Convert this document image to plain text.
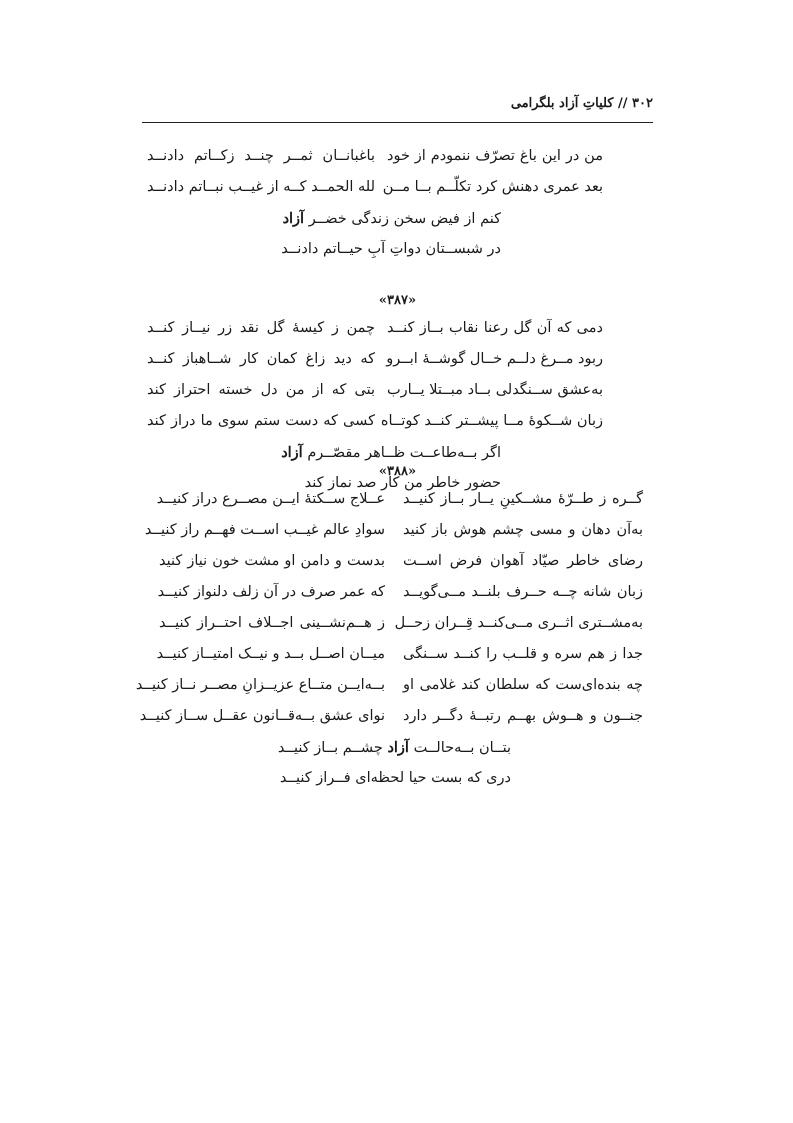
۳۰۲ // کلیاتِ آزاد بلگرامی
من در این باغ تصرّف ننمودم از خود
باغبانــان ثمــر چنــد زکــاتم دادنــد
بعد عمری دهنش کرد تکلّــم بــا مــن
لله الحمــد کــه از غیــب نبــاتم دادنــد
کنم از فیض سخن زندگی خضــر آزاد
در شبســتان دواتِ آبِ حیــاتم دادنــد
«۳۸۷»
دمی که آن گل رعنا نقاب بــاز کنــد
چمن ز کیسهٔ گل نقد زر نیــاز کنــد
ربود مــرغ دلــم خــال گوشــهٔ ابــرو
که دید زاغ کمان کار شــاهباز کنــد
به‌عشق ســنگدلی بــاد مبــتلا یــارب
بتی که از من دل خسته احتراز کند
زبان شــکوهٔ مــا پیشــتر کنــد کوتــاه
کسی که دست ستم سوی ما دراز کند
اگر بــه‌طاعــت ظــاهر مقصّــرم آزاد
حضور خاطر من کار صد نماز کند
«۳۸۸»
گــره ز طــرّهٔ مشــکینِ یــار بــاز کنیــد
عــلاج ســکتهٔ ایــن مصــرع دراز کنیــد
به‌آن دهان و مسی چشم هوش باز کنید
سوادِ عالم غیــب اســت فهــم راز کنیــد
رضای خاطر صیّاد آهوان فرض اســت
بدست و دامن او مشت خون نیاز کنید
زبان شانه چــه حــرف بلنــد مــی‌گویــد
که عمر صرف در آن زلف دلنواز کنیــد
به‌مشــتری اثــری مــی‌کنــد قِــران زحــل
ز هــم‌نشــینی اجــلاف احتــراز کنیــد
جدا ز هم سره و قلــب را کنــد ســنگی
میــان اصــل بــد و نیــک امتیــاز کنیــد
چه بنده‌ای‌ست که سلطان کند غلامی او
بــه‌ایــن متــاع عزیــزانِ مصــر نــاز کنیــد
جنــون و هــوش بهــم رتبــهٔ دگــر دارد
نوای عشق بــه‌قــانون عقــل ســاز کنیــد
بتــان بــه‌حالــت آزاد چشــم بــاز کنیــد
دری که بست حیا لحظه‌ای فــراز کنیــد
